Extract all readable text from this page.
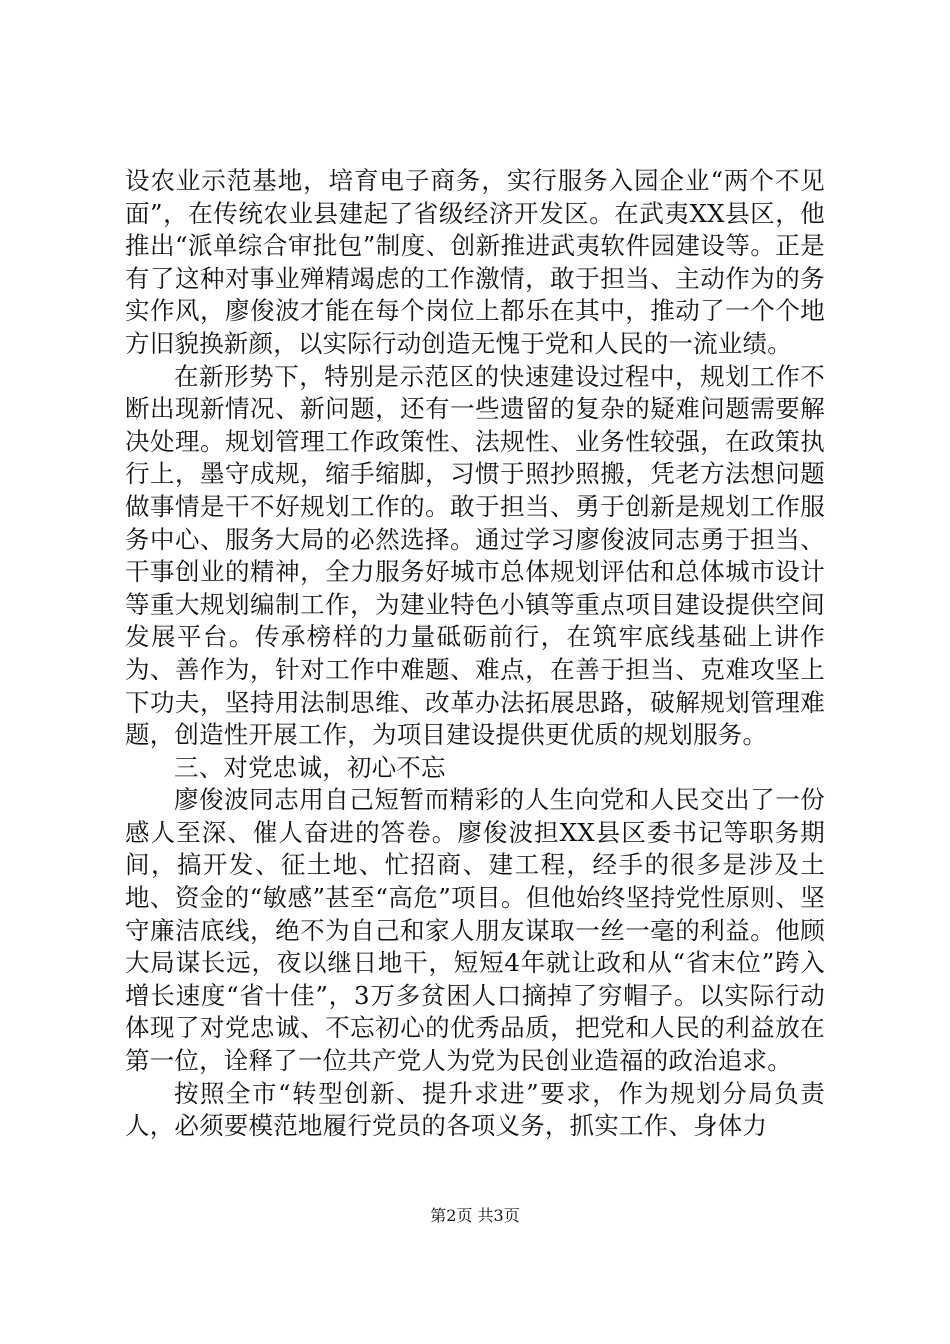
设农业示范基地，培育电子商务，实行服务入园企业“两个不见面”，在传统农业县建起了省级经济开发区。在武夷XX县区，他推出“派单综合审批包”制度、创新推进武夷软件园建设等。正是有了这种对事业殚精竭虑的工作激情，敢于担当、主动作为的务实作风，廖俊波才能在每个岗位上都乐在其中，推动了一个个地方旧貌换新颜，以实际行动创造无愧于党和人民的一流业绩。

在新形势下，特别是示范区的快速建设过程中，规划工作不断出现新情况、新问题，还有一些遗留的复杂的疑难问题需要解决处理。规划管理工作政策性、法规性、业务性较强，在政策执行上，墨守成规，缩手缩脚，习惯于照抄照搬，凭老方法想问题做事情是干不好规划工作的。敢于担当、勇于创新是规划工作服务中心、服务大局的必然选择。通过学习廖俊波同志勇于担当、干事创业的精神，全力服务好城市总体规划评估和总体城市设计等重大规划编制工作，为建业特色小镇等重点项目建设提供空间发展平台。传承榜样的力量砥砺前行，在筑牢底线基础上讲作为、善作为，针对工作中难题、难点，在善于担当、克难攻坚上下功夫，坚持用法制思维、改革办法拓展思路，破解规划管理难题，创造性开展工作，为项目建设提供更优质的规划服务。

三、对党忠诚，初心不忘

廖俊波同志用自己短暂而精彩的人生向党和人民交出了一份感人至深、催人奋进的答卷。廖俊波担XX县区委书记等职务期间，搞开发、征土地、忙招商、建工程，经手的很多是涉及土地、资金的“敏感”甚至“高危”项目。但他始终坚持党性原则、坚守廉洁底线，绝不为自己和家人朋友谋取一丝一毫的利益。他顾大局谋长远，夜以继日地干，短短4年就让政和从“省末位”跨入增长速度“省十佳”，3万多贫困人口摘掉了穷帽子。以实际行动体现了对党忠诚、不忘初心的优秀品质，把党和人民的利益放在第一位，诠释了一位共产党人为党为民创业造福的政治追求。

按照全市“转型创新、提升求进”要求，作为规划分局负责人，必须要模范地履行党员的各项义务，抓实工作、身体力

第2页 共3页
